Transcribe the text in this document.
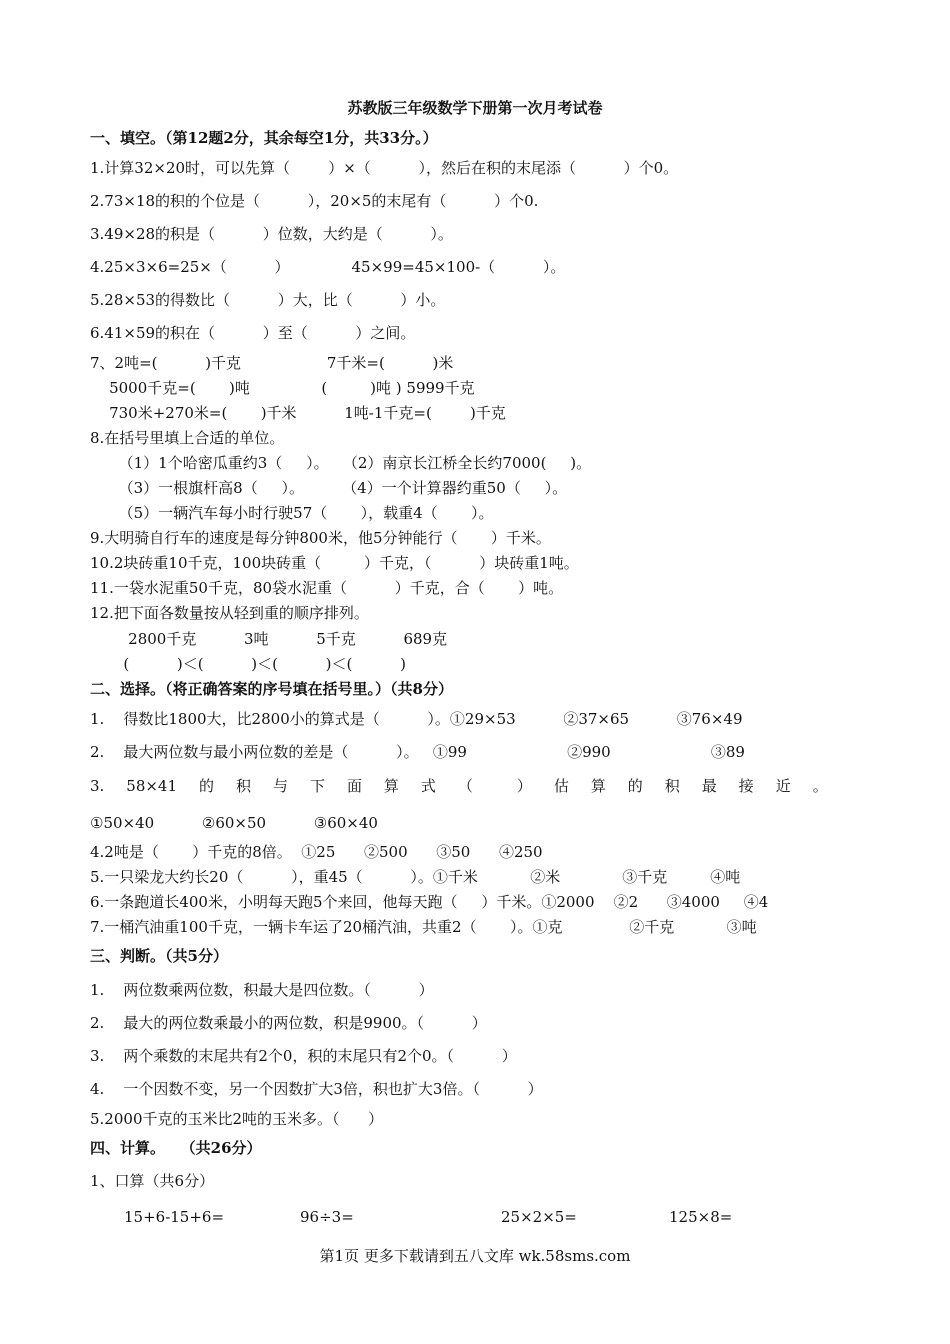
苏教版三年级数学下册第一次月考试卷
一、填空。（第12题2分，其余每空1分，共33分。）
1.计算32×20时，可以先算（        ）×（          ），然后在积的末尾添（          ）个0。
2.73×18的积的个位是（          ），20×5的末尾有（          ）个0.
3.49×28的积是（          ）位数，大约是（          ）。
4.25×3×6=25×（          ）             45×99=45×100-（          ）。
5.28×53的得数比（          ）大，比（          ）小。
6.41×59的积在（          ）至（          ）之间。
7、2吨=(          )千克                  7千米=(          )米
5000千克=(       )吨               (         )吨 ) 5999千克
730米+270米=(       )千米          1吨-1千克=(        )千克
8.在括号里填上合适的单位。
（1）1个哈密瓜重约3（     ）。   （2）南京长江桥全长约7000(     )。
（3）一根旗杆高8（     ）。        （4）一个计算器约重50（     ）。
（5）一辆汽车每小时行驶57（       ），载重4（       ）。
9.大明骑自行车的速度是每分钟800米，他5分钟能行（       ）千米。
10.2块砖重10千克，100块砖重（         ）千克，（          ）块砖重1吨。
11.一袋水泥重50千克，80袋水泥重（          ）千克，合（       ）吨。
12.把下面各数量按从轻到重的顺序排列。
2800千克          3吨          5千克          689克
(          )＜(          )＜(          )＜(          )
二、选择。（将正确答案的序号填在括号里。）（共8分）
1.    得数比1800大，比2800小的算式是（          ）。①29×53          ②37×65          ③76×49
2.    最大两位数与最小两位数的差是（          ）。   ①99                     ②990                     ③89
3. 58×41 的 积 与 下 面 算 式 （	） 估 算 的 积 最 接 近 。
①50×40          ②60×50          ③60×40
4.2吨是（       ）千克的8倍。  ①25      ②500      ③50      ④250
5.一只梁龙大约长20（          ），重45（          ）。①千米           ②米             ③千克         ④吨
6.一条跑道长400米，小明每天跑5个来回，他每天跑（     ）千米。①2000    ②2      ③4000     ④4
7.一桶汽油重100千克，一辆卡车运了20桶汽油，共重2（       ）。①克              ②千克           ③吨
三、判断。（共5分）
1.    两位数乘两位数，积最大是四位数。（          ）
2.    最大的两位数乘最小的两位数，积是9900。（          ）
3.    两个乘数的末尾共有2个0，积的末尾只有2个0。（          ）
4.    一个因数不变，另一个因数扩大3倍，积也扩大3倍。（          ）
5.2000千克的玉米比2吨的玉米多。（      ）
四、计算。   （共26分）
1、口算（共6分）
15+6-15+6=	96÷3=	25×2×5=	125×8=
第1页 更多下载请到五八文库 wk.58sms.com
